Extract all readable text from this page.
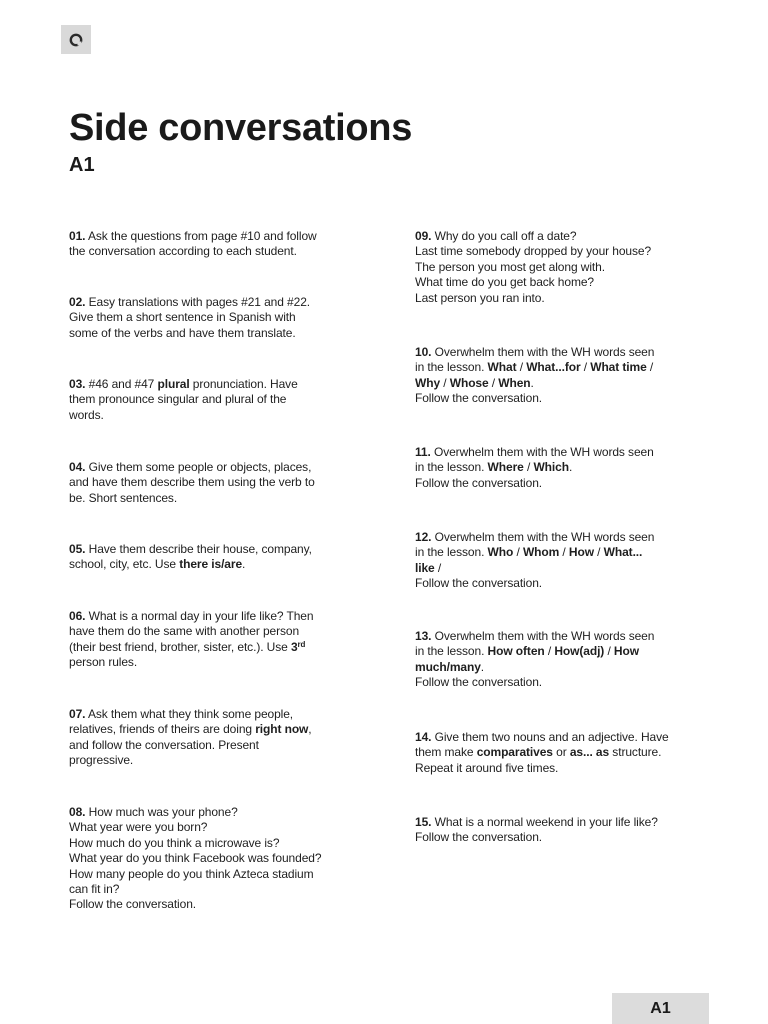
Side conversations
A1
01. Ask the questions from page #10 and follow
the conversation according to each student.
02. Easy translations with pages #21 and #22.
Give them a short sentence in Spanish with
some of the verbs and have them translate.
03. #46 and #47 plural pronunciation. Have
them pronounce singular and plural of the
words.
04. Give them some people or objects, places,
and have them describe them using the verb to
be. Short sentences.
05. Have them describe their house, company,
school, city, etc. Use there is/are.
06. What is a normal day in your life like? Then
have them do the same with another person
(their best friend, brother, sister, etc.). Use 3rd
person rules.
07. Ask them what they think some people,
relatives, friends of theirs are doing right now,
and follow the conversation. Present
progressive.
08. How much was your phone?
What year were you born?
How much do you think a microwave is?
What year do you think Facebook was founded?
How many people do you think Azteca stadium
can fit in?
Follow the conversation.
09. Why do you call off a date?
Last time somebody dropped by your house?
The person you most get along with.
What time do you get back home?
Last person you ran into.
10. Overwhelm them with the WH words seen
in the lesson. What / What...for / What time /
Why / Whose / When.
Follow the conversation.
11. Overwhelm them with the WH words seen
in the lesson. Where / Which.
Follow the conversation.
12. Overwhelm them with the WH words seen
in the lesson. Who / Whom / How / What...
like /
Follow the conversation.
13. Overwhelm them with the WH words seen
in the lesson. How often / How(adj) / How
much/many.
Follow the conversation.
14. Give them two nouns and an adjective. Have
them make comparatives or as... as structure.
Repeat it around five times.
15. What is a normal weekend in your life like?
Follow the conversation.
A1
